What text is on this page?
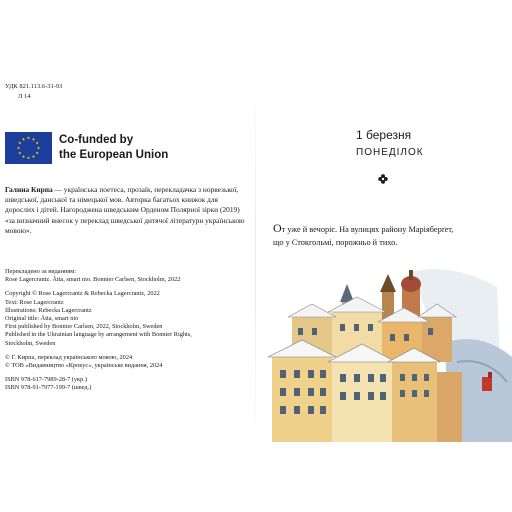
УДК 821.113.6-31-93
Л 14
Co-funded by
the European Union
Галина Кирпа — українська поетеса, прозаїк, перекладачка з норвезької, шведської, данської та німецької мов. Авторка багатьох книжок для дорослих і дітей. Нагороджена шведським Орденом Полярної зірки (2019) «за визначний внесок у переклад шведської дитячої літератури українською мовою».
Перекладено за виданням:
Rose Lagercrantz. Åtta, smart nio. Bonnier Carlsen, Stockholm, 2022
Copyright © Rose Lagercrantz & Rebecka Lagercrantz, 2022
Text: Rose Lagercrantz
Illustrations: Rebecka Lagercrantz
Original title: Åtta, smart nio
First published by Bonnier Carlsen, 2022, Stockholm, Sweden
Published in the Ukrainian language by arrangement with Bonnier Rights,
Stockholm, Sweden
© Г. Кирпа, переклад українською мовою, 2024
© ТОВ «Видавництво «Крокус», українське видання, 2024
ISBN 978-617-7989-28-7 (укр.)
ISBN 978-91-7977-199-7 (швед.)
1 березня
ПОНЕДІЛОК
От уже й вечоріє. На вулицях району Маріяберґет,
що у Стокгольмі, порожньо й тихо.
